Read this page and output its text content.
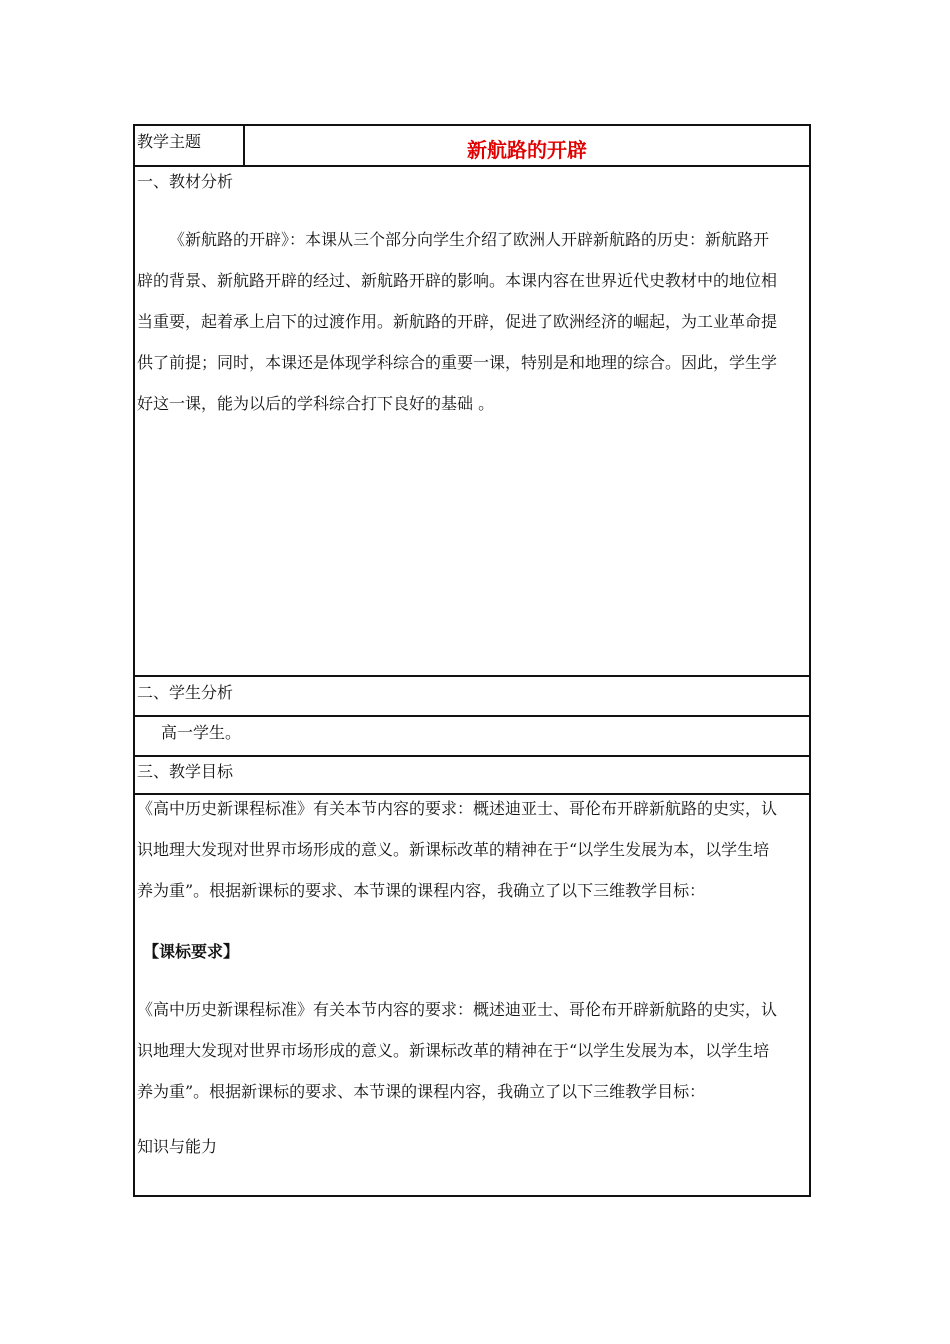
教学主题	新航路的开辟
一、教材分析
《新航路的开辟》：本课从三个部分向学生介绍了欧洲人开辟新航路的历史：新航路开
辟的背景、新航路开辟的经过、新航路开辟的影响。本课内容在世界近代史教材中的地位相
当重要，起着承上启下的过渡作用。新航路的开辟，促进了欧洲经济的崛起，为工业革命提
供了前提；同时，本课还是体现学科综合的重要一课，特别是和地理的综合。因此，学生学
好这一课，能为以后的学科综合打下良好的基础 。
二、学生分析
高一学生。
三、教学目标
《高中历史新课程标准》有关本节内容的要求：概述迪亚士、哥伦布开辟新航路的史实，认
识地理大发现对世界市场形成的意义。新课标改革的精神在于“以学生发展为本，以学生培
养为重”。根据新课标的要求、本节课的课程内容，我确立了以下三维教学目标：
【课标要求】
《高中历史新课程标准》有关本节内容的要求：概述迪亚士、哥伦布开辟新航路的史实，认
识地理大发现对世界市场形成的意义。新课标改革的精神在于“以学生发展为本，以学生培
养为重”。根据新课标的要求、本节课的课程内容，我确立了以下三维教学目标：
知识与能力
